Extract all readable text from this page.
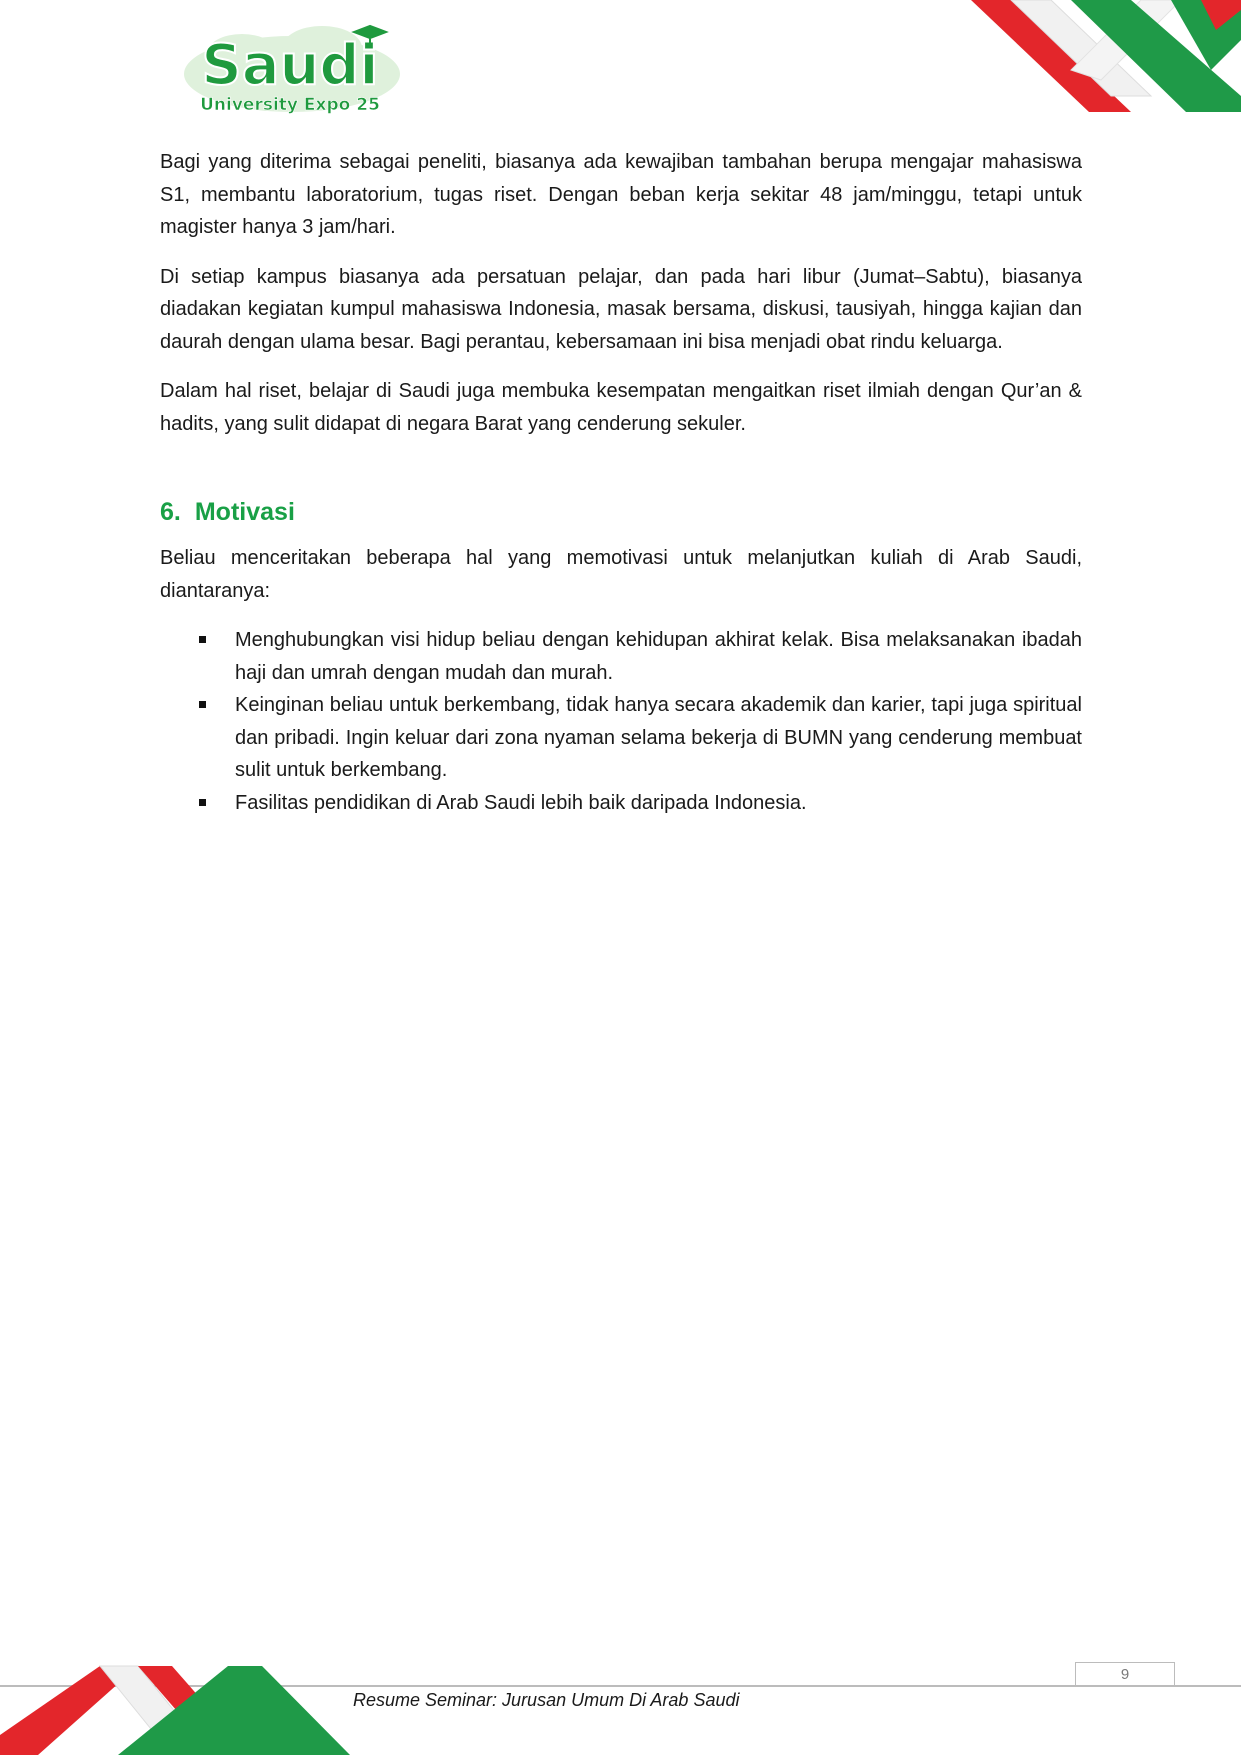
Saudi
University Expo 25

Bagi yang diterima sebagai peneliti, biasanya ada kewajiban tambahan berupa mengajar mahasiswa S1, membantu laboratorium, tugas riset. Dengan beban kerja sekitar 48 jam/minggu, tetapi untuk magister hanya 3 jam/hari.

Di setiap kampus biasanya ada persatuan pelajar, dan pada hari libur (Jumat–Sabtu), biasanya diadakan kegiatan kumpul mahasiswa Indonesia, masak bersama, diskusi, tausiyah, hingga kajian dan daurah dengan ulama besar. Bagi perantau, kebersamaan ini bisa menjadi obat rindu keluarga.

Dalam hal riset, belajar di Saudi juga membuka kesempatan mengaitkan riset ilmiah dengan Qur’an & hadits, yang sulit didapat di negara Barat yang cenderung sekuler.

6. Motivasi

Beliau menceritakan beberapa hal yang memotivasi untuk melanjutkan kuliah di Arab Saudi, diantaranya:

Menghubungkan visi hidup beliau dengan kehidupan akhirat kelak. Bisa melaksanakan ibadah haji dan umrah dengan mudah dan murah.
Keinginan beliau untuk berkembang, tidak hanya secara akademik dan karier, tapi juga spiritual dan pribadi. Ingin keluar dari zona nyaman selama bekerja di BUMN yang cenderung membuat sulit untuk berkembang.
Fasilitas pendidikan di Arab Saudi lebih baik daripada Indonesia.
9
Resume Seminar: Jurusan Umum Di Arab Saudi
